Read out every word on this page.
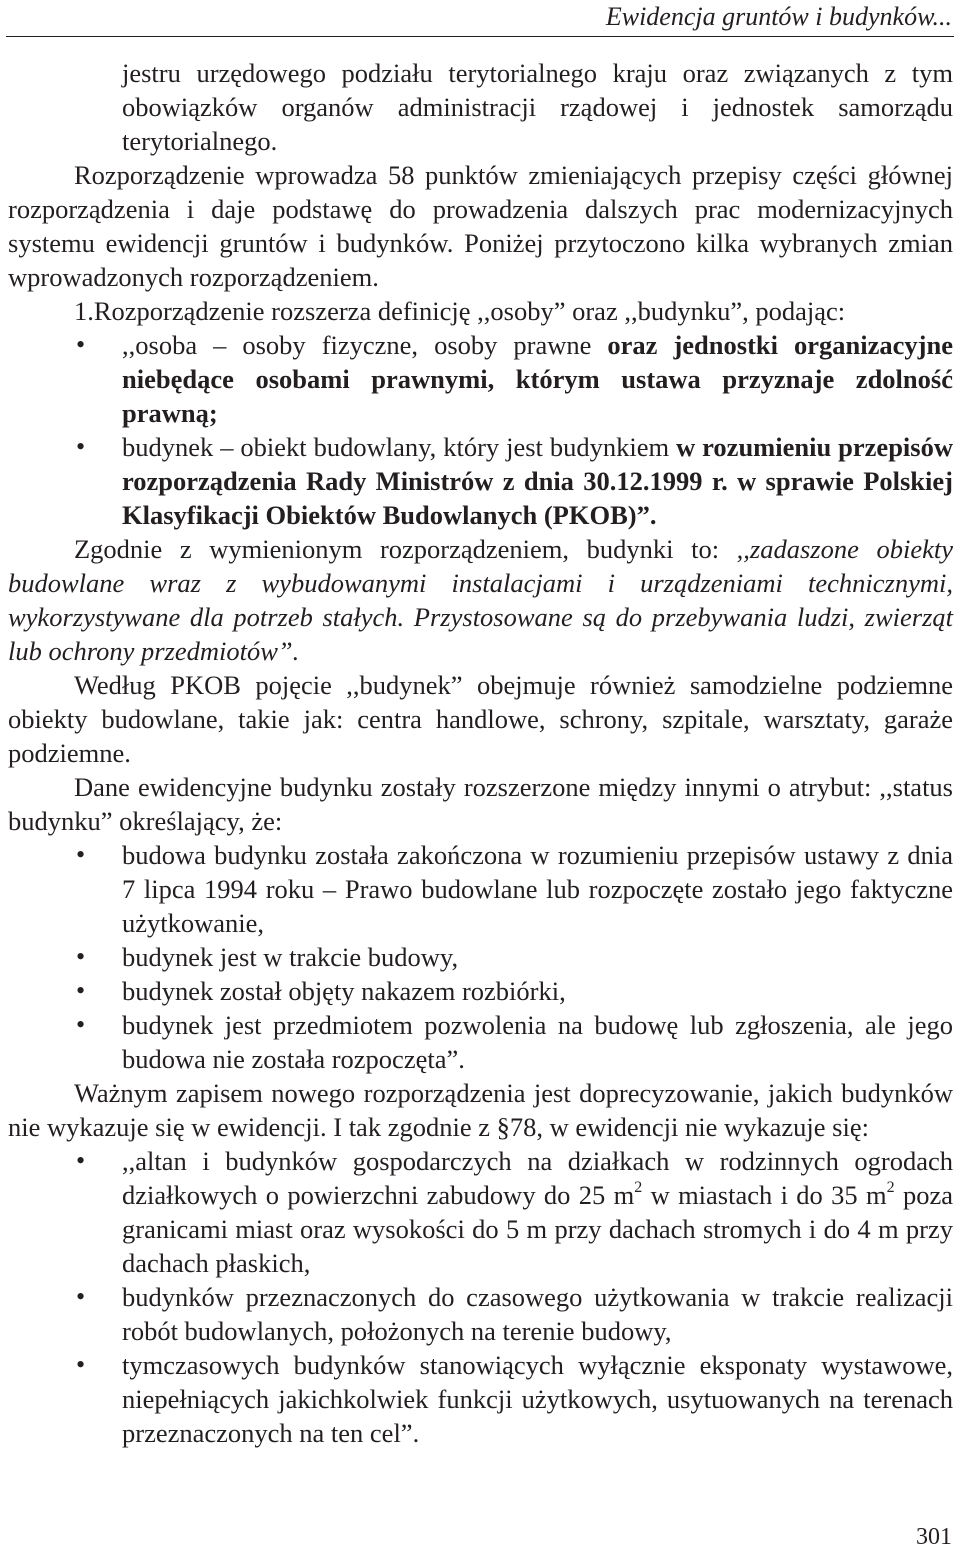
Ewidencja gruntów i budynków...

jestru urzędowego podziału terytorialnego kraju oraz związanych z tym obowiązków organów administracji rządowej i jednostek samorządu terytorialnego.

Rozporządzenie wprowadza 58 punktów zmieniających przepisy części głównej rozporządzenia i daje podstawę do prowadzenia dalszych prac modernizacyjnych systemu ewidencji gruntów i budynków. Poniżej przytoczono kilka wybranych zmian wprowadzonych rozporządzeniem.

1.Rozporządzenie rozszerza definicję ,,osoby” oraz ,,budynku”, podając:

• ,,osoba – osoby fizyczne, osoby prawne oraz jednostki organizacyjne niebędące osobami prawnymi, którym ustawa przyznaje zdolność prawną;
• budynek – obiekt budowlany, który jest budynkiem w rozumieniu przepisów rozporządzenia Rady Ministrów z dnia 30.12.1999 r. w sprawie Polskiej Klasyfikacji Obiektów Budowlanych (PKOB)”.

Zgodnie z wymienionym rozporządzeniem, budynki to: ,,zadaszone obiekty budowlane wraz z wybudowanymi instalacjami i urządzeniami technicznymi, wykorzystywane dla potrzeb stałych. Przystosowane są do przebywania ludzi, zwierząt lub ochrony przedmiotów”.

Według PKOB pojęcie ,,budynek” obejmuje również samodzielne podziemne obiekty budowlane, takie jak: centra handlowe, schrony, szpitale, warsztaty, garaże podziemne.

Dane ewidencyjne budynku zostały rozszerzone między innymi o atrybut: ,,status budynku” określający, że:

• budowa budynku została zakończona w rozumieniu przepisów ustawy z dnia 7 lipca 1994 roku – Prawo budowlane lub rozpoczęte zostało jego faktyczne użytkowanie,
• budynek jest w trakcie budowy,
• budynek został objęty nakazem rozbiórki,
• budynek jest przedmiotem pozwolenia na budowę lub zgłoszenia, ale jego budowa nie została rozpoczęta”.

Ważnym zapisem nowego rozporządzenia jest doprecyzowanie, jakich budynków nie wykazuje się w ewidencji. I tak zgodnie z §78, w ewidencji nie wykazuje się:

• ,,altan i budynków gospodarczych na działkach w rodzinnych ogrodach działkowych o powierzchni zabudowy do 25 $m^2$ w miastach i do 35 $m^2$ poza granicami miast oraz wysokości do 5 m przy dachach stromych i do 4 m przy dachach płaskich,
• budynków przeznaczonych do czasowego użytkowania w trakcie realizacji robót budowlanych, położonych na terenie budowy,
• tymczasowych budynków stanowiących wyłącznie eksponaty wystawowe, niepełniących jakichkolwiek funkcji użytkowych, usytuowanych na terenach przeznaczonych na ten cel”.
301
